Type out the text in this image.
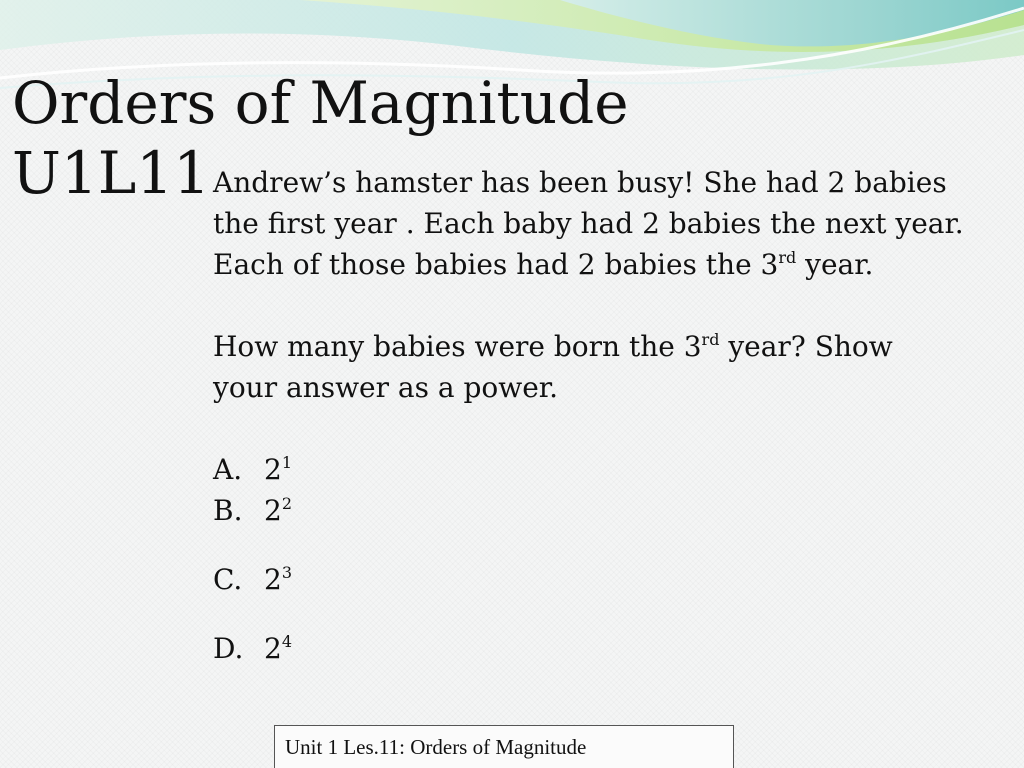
Orders of Magnitude
U1L11 Andrew’s hamster has been busy! She had 2 babies

the first year . Each baby had 2 babies the next year.

Each of those babies had 2 babies the 3rd year.

How many babies were born the 3rd year? Show

your answer as a power.

A. $2^1$
B. $2^2$
C. $2^3$
D. $2^4$
Unit 1 Les.11: Orders of Magnitude
